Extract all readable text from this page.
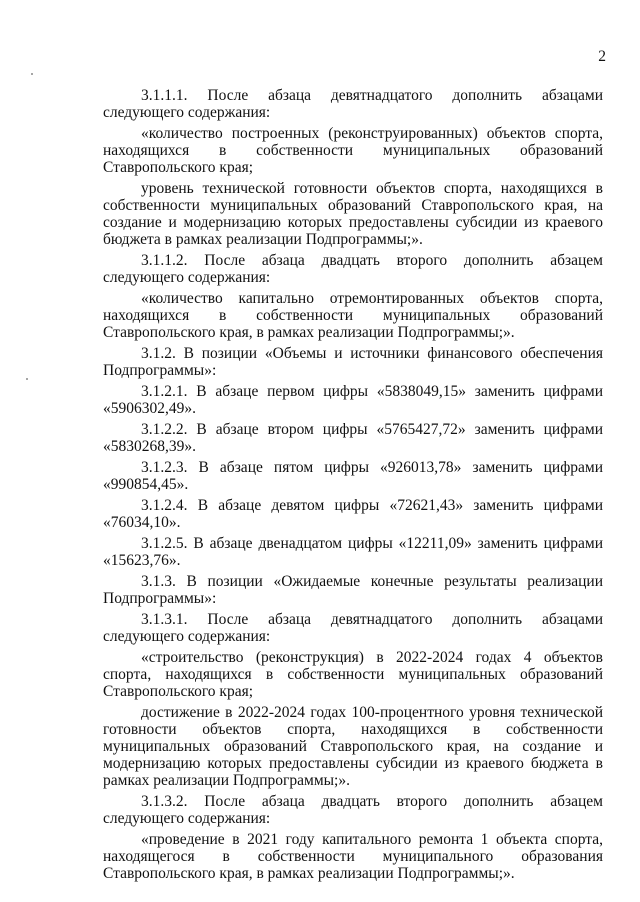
2

3.1.1.1. После абзаца девятнадцатого дополнить абзацами следующего содержания:

«количество построенных (реконструированных) объектов спорта, находящихся в собственности муниципальных образований Ставропольского края;

уровень технической готовности объектов спорта, находящихся в собственности муниципальных образований Ставропольского края, на создание и модернизацию которых предоставлены субсидии из краевого бюджета в рамках реализации Подпрограммы;».

3.1.1.2. После абзаца двадцать второго дополнить абзацем следующего содержания:

«количество капитально отремонтированных объектов спорта, находящихся в собственности муниципальных образований Ставропольского края, в рамках реализации Подпрограммы;».

3.1.2. В позиции «Объемы и источники финансового обеспечения Подпрограммы»:

3.1.2.1. В абзаце первом цифры «5838049,15» заменить цифрами «5906302,49».

3.1.2.2. В абзаце втором цифры «5765427,72» заменить цифрами «5830268,39».

3.1.2.3. В абзаце пятом цифры «926013,78» заменить цифрами «990854,45».

3.1.2.4. В абзаце девятом цифры «72621,43» заменить цифрами «76034,10».

3.1.2.5. В абзаце двенадцатом цифры «12211,09» заменить цифрами «15623,76».

3.1.3. В позиции «Ожидаемые конечные результаты реализации Подпрограммы»:

3.1.3.1. После абзаца девятнадцатого дополнить абзацами следующего содержания:

«строительство (реконструкция) в 2022-2024 годах 4 объектов спорта, находящихся в собственности муниципальных образований Ставропольского края;

достижение в 2022-2024 годах 100-процентного уровня технической готовности объектов спорта, находящихся в собственности муниципальных образований Ставропольского края, на создание и модернизацию которых предоставлены субсидии из краевого бюджета в рамках реализации Подпрограммы;».

3.1.3.2. После абзаца двадцать второго дополнить абзацем следующего содержания:

«проведение в 2021 году капитального ремонта 1 объекта спорта, находящегося в собственности муниципального образования Ставропольского края, в рамках реализации Подпрограммы;».
